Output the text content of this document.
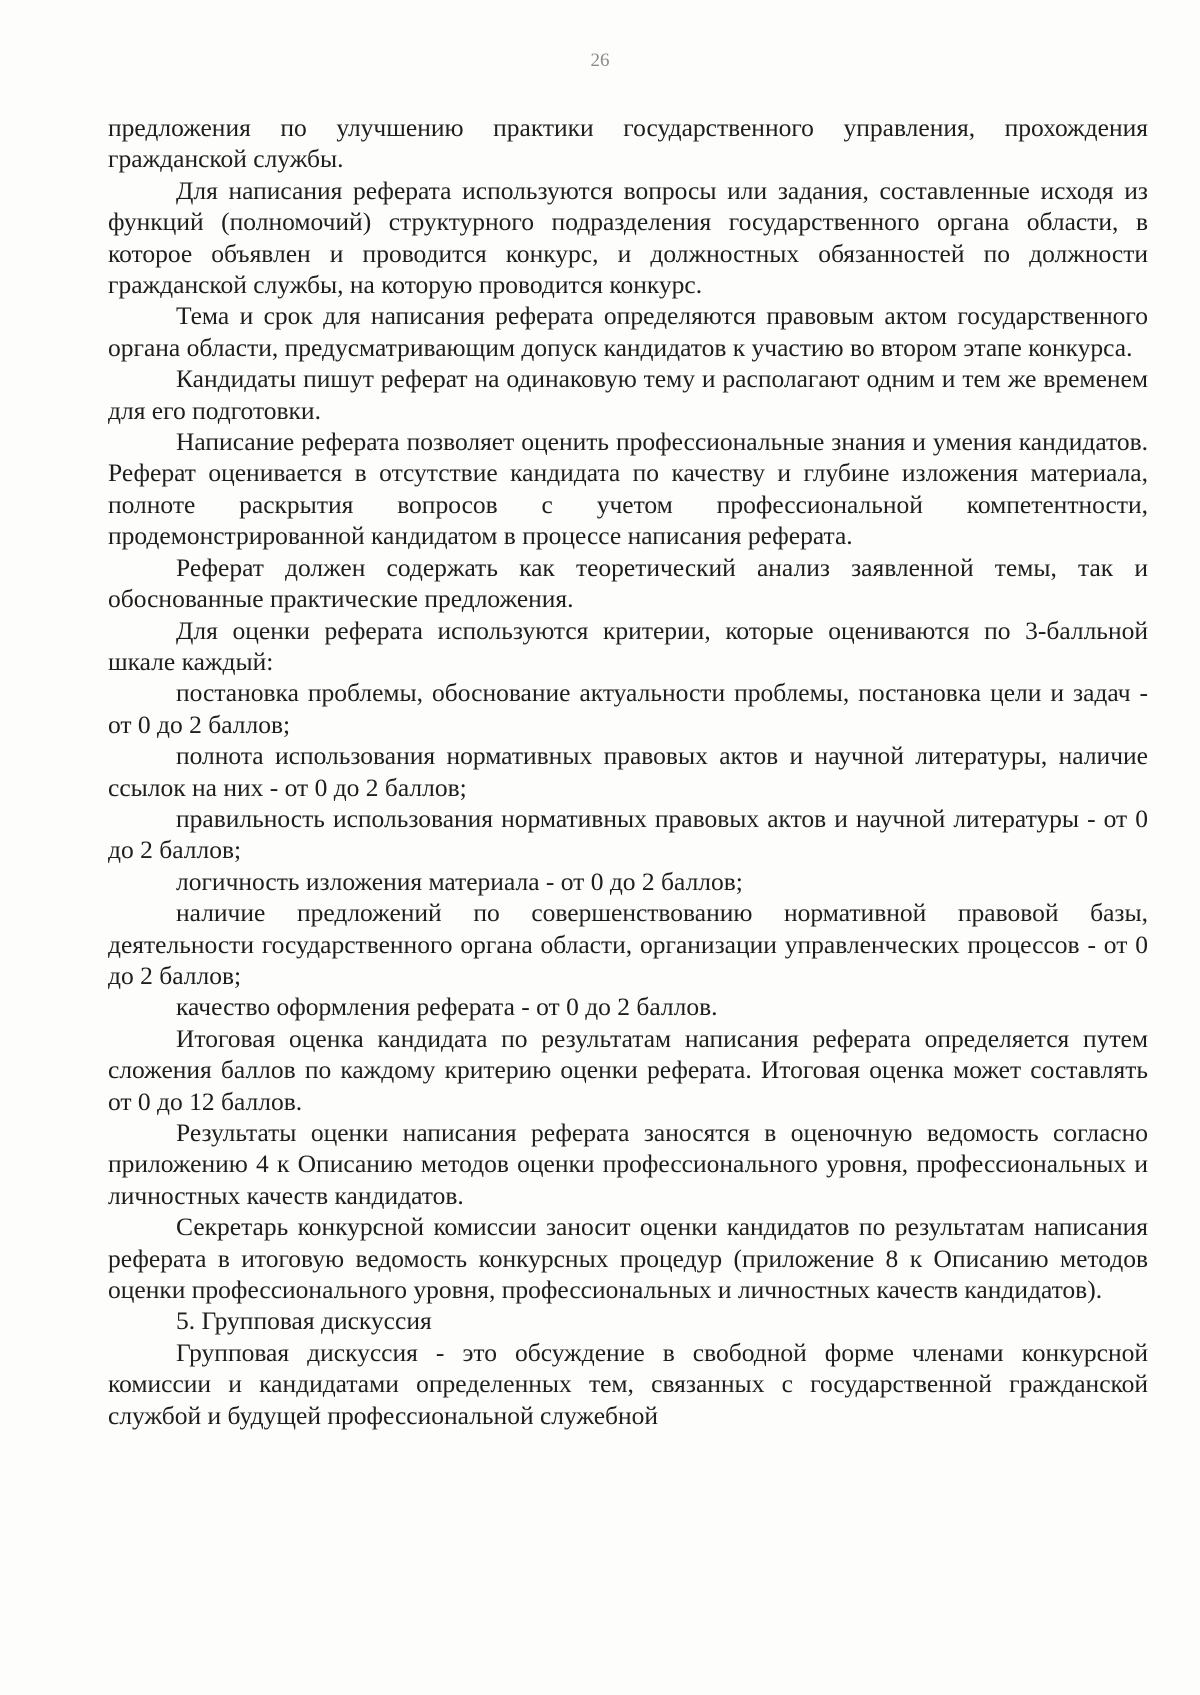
26

предложения по улучшению практики государственного управления, прохождения гражданской службы.

Для написания реферата используются вопросы или задания, составленные исходя из функций (полномочий) структурного подразделения государственного органа области, в которое объявлен и проводится конкурс, и должностных обязанностей по должности гражданской службы, на которую проводится конкурс.

Тема и срок для написания реферата определяются правовым актом государственного органа области, предусматривающим допуск кандидатов к участию во втором этапе конкурса.

Кандидаты пишут реферат на одинаковую тему и располагают одним и тем же временем для его подготовки.

Написание реферата позволяет оценить профессиональные знания и умения кандидатов. Реферат оценивается в отсутствие кандидата по качеству и глубине изложения материала, полноте раскрытия вопросов с учетом профессиональной компетентности, продемонстрированной кандидатом в процессе написания реферата.

Реферат должен содержать как теоретический анализ заявленной темы, так и обоснованные практические предложения.

Для оценки реферата используются критерии, которые оцениваются по 3-балльной шкале каждый:

постановка проблемы, обоснование актуальности проблемы, постановка цели и задач - от 0 до 2 баллов;

полнота использования нормативных правовых актов и научной литературы, наличие ссылок на них - от 0 до 2 баллов;

правильность использования нормативных правовых актов и научной литературы - от 0 до 2 баллов;

логичность изложения материала - от 0 до 2 баллов;

наличие предложений по совершенствованию нормативной правовой базы, деятельности государственного органа области, организации управленческих процессов - от 0 до 2 баллов;

качество оформления реферата - от 0 до 2 баллов.

Итоговая оценка кандидата по результатам написания реферата определяется путем сложения баллов по каждому критерию оценки реферата. Итоговая оценка может составлять от 0 до 12 баллов.

Результаты оценки написания реферата заносятся в оценочную ведомость согласно приложению 4 к Описанию методов оценки профессионального уровня, профессиональных и личностных качеств кандидатов.

Секретарь конкурсной комиссии заносит оценки кандидатов по результатам написания реферата в итоговую ведомость конкурсных процедур (приложение 8 к Описанию методов оценки профессионального уровня, профессиональных и личностных качеств кандидатов).

5. Групповая дискуссия

Групповая дискуссия - это обсуждение в свободной форме членами конкурсной комиссии и кандидатами определенных тем, связанных с государственной гражданской службой и будущей профессиональной служебной
